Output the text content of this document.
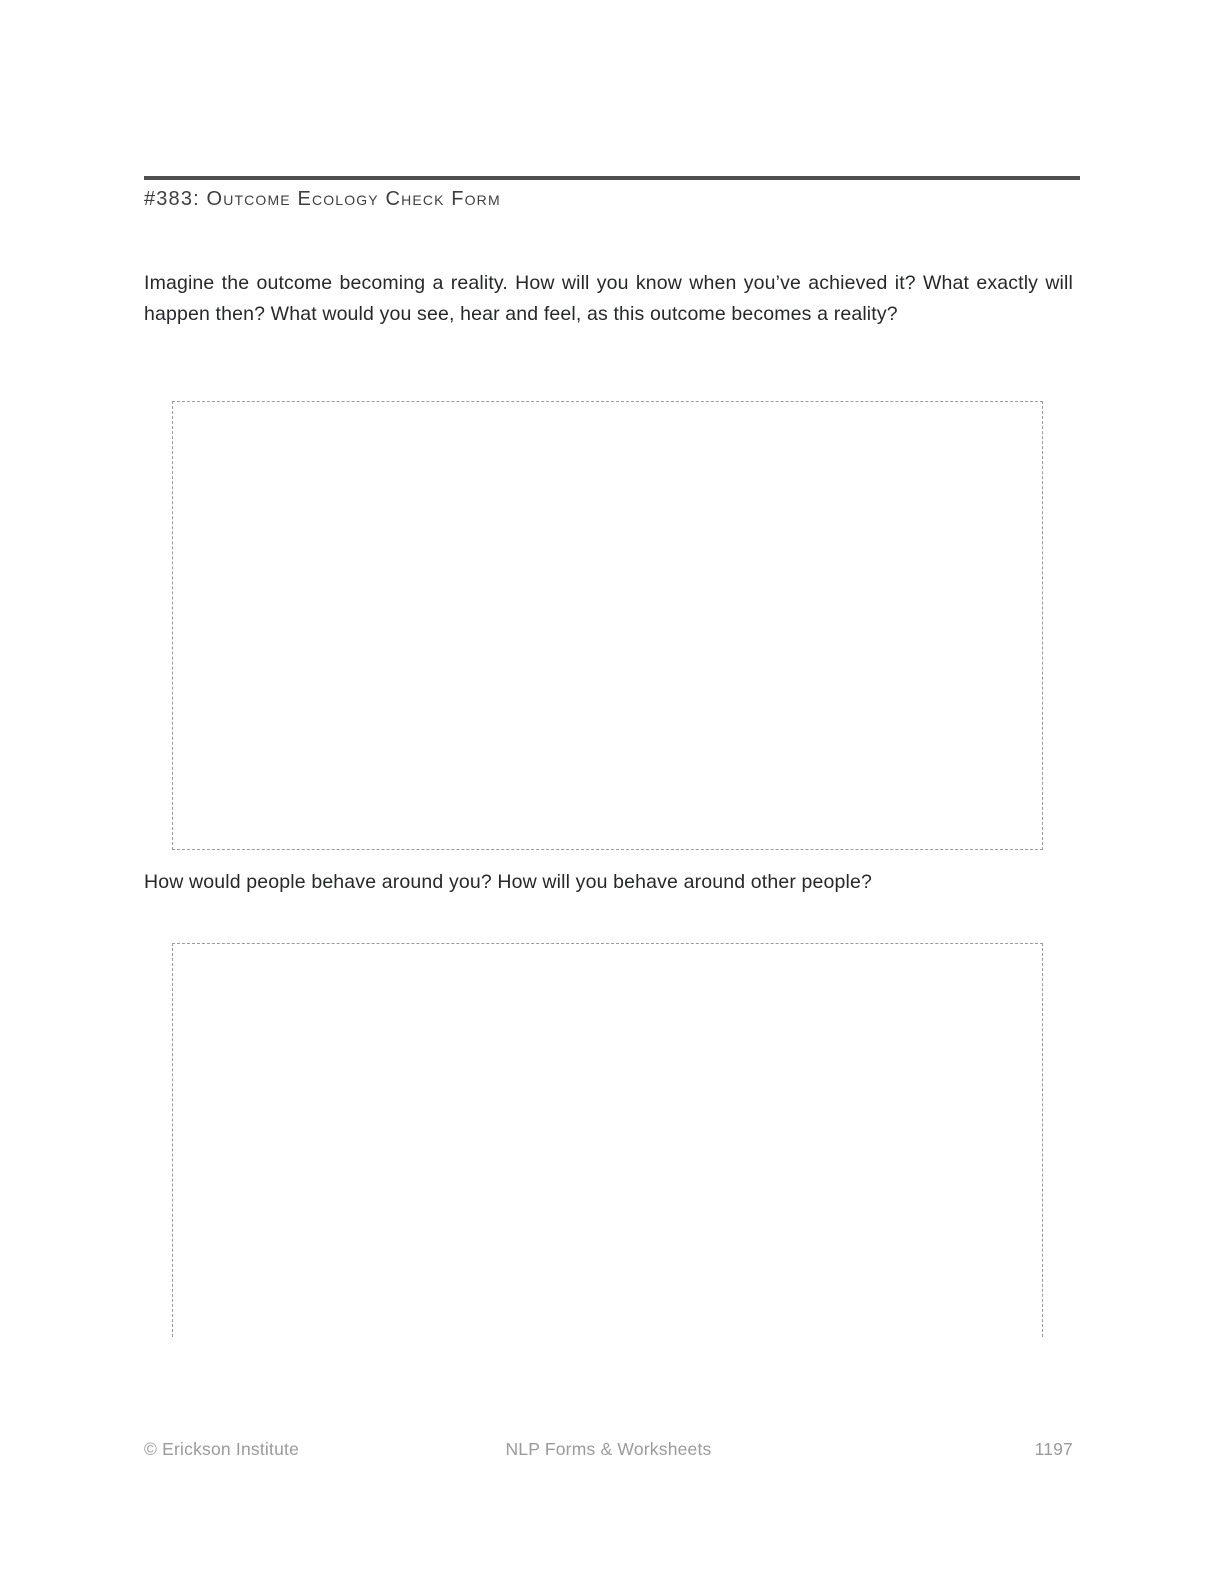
#383: Outcome Ecology Check Form
Imagine the outcome becoming a reality. How will you know when you’ve achieved it? What exactly will happen then? What would you see, hear and feel, as this outcome becomes a reality?
How would people behave around you? How will you behave around other people?
© Erickson Institute	NLP Forms & Worksheets	1197
